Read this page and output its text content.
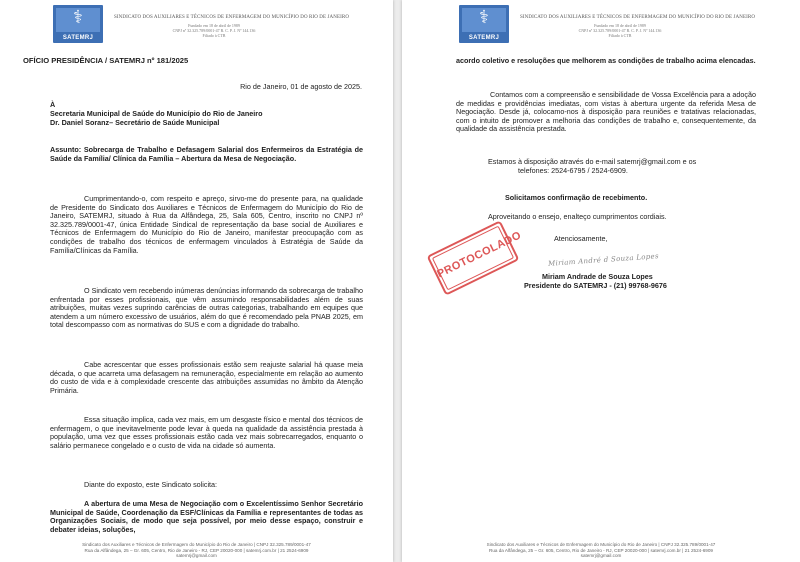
⚕
SATEMRJ
SINDICATO DOS AUXILIARES E TÉCNICOS DE ENFERMAGEM DO MUNICÍPIO DO RIO DE JANEIRO
Fundado em 18 de abril de 1989
CNPJ nº 32.325.789/0001-47 R. C. P. J. Nº 144.136
Filiado à CTB

OFÍCIO PRESIDÊNCIA / SATEMRJ nº 181/2025

Rio de Janeiro, 01 de agosto de 2025.

À

Secretaria Municipal de Saúde do Município do Rio de Janeiro

Dr. Daniel Soranz– Secretário de Saúde Municipal

Assunto: Sobrecarga de Trabalho e Defasagem Salarial dos Enfermeiros da Estratégia de Saúde da Família/ Clínica da Família – Abertura da Mesa de Negociação.

Cumprimentando-o, com respeito e apreço, sirvo-me do presente para, na qualidade de Presidente do Sindicato dos Auxiliares e Técnicos de Enfermagem do Município do Rio de Janeiro, SATEMRJ, situado à Rua da Alfândega, 25, Sala 605, Centro, inscrito no CNPJ nº 32.325.789/0001-47, única Entidade Sindical de representação da base social de Auxiliares e Técnicos de Enfermagem do Município do Rio de Janeiro, manifestar preocupação com as condições de trabalho dos técnicos de enfermagem vinculados à Estratégia de Saúde da Família/Clínicas da Família.

O Sindicato vem recebendo inúmeras denúncias informando da sobrecarga de trabalho enfrentada por esses profissionais, que vêm assumindo responsabilidades além de suas atribuições, muitas vezes suprindo carências de outras categorias, trabalhando em equipes que atendem a um número excessivo de usuários, além do que é recomendado pela PNAB 2025, em total descompasso com as normativas do SUS e com a dignidade do trabalho.

Cabe acrescentar que esses profissionais estão sem reajuste salarial há quase meia década, o que acarreta uma defasagem na remuneração, especialmente em relação ao aumento do custo de vida e à complexidade crescente das atribuições assumidas no âmbito da Atenção Primária.

Essa situação implica, cada vez mais, em um desgaste físico e mental dos técnicos de enfermagem, o que inevitavelmente pode levar à queda na qualidade da assistência prestada à população, uma vez que esses profissionais estão cada vez mais sobrecarregados, enquanto o salário permanece congelado e o custo de vida na cidade só aumenta.

Diante do exposto, este Sindicato solicita:

A abertura de uma Mesa de Negociação com o Excelentíssimo Senhor Secretário Municipal de Saúde, Coordenação da ESF/Clínicas da Família e representantes de todas as Organizações Sociais, de modo que seja possível, por meio desse espaço, construir e debater ideias, soluções,

Sindicato dos Auxiliares e Técnicos de Enfermagem do Município do Rio de Janeiro | CNPJ 32.325.789/0001-47
Rua da Alfândega, 25 – Gr. 605, Centro, Rio de Janeiro - RJ, CEP 20020-000 | satemrj.com.br | 21 2524-6909
satemrj@gmail.com
⚕
SATEMRJ
SINDICATO DOS AUXILIARES E TÉCNICOS DE ENFERMAGEM DO MUNICÍPIO DO RIO DE JANEIRO
Fundado em 18 de abril de 1989
CNPJ nº 32.325.789/0001-47 R. C. P. J. Nº 144.136
Filiado à CTB

acordo coletivo e resoluções que melhorem as condições de trabalho acima elencadas.

Contamos com a compreensão e sensibilidade de Vossa Excelência para a adoção de medidas e providências imediatas, com vistas à abertura urgente da referida Mesa de Negociação. Desde já, colocamo-nos à disposição para reuniões e tratativas relacionadas, com o intuito de promover a melhoria das condições de trabalho e, consequentemente, da qualidade da assistência prestada.

Estamos à disposição através do e-mail satemrj@gmail.com e os

telefones: 2524-6795 / 2524-6909.

Solicitamos confirmação de recebimento.

Aproveitando o ensejo, enalteço cumprimentos cordiais.

Atenciosamente,

Miriam Andrade de Souza Lopes

Presidente do SATEMRJ - (21) 99768-9676

Sindicato dos Auxiliares e Técnicos de Enfermagem do Município do Rio de Janeiro | CNPJ 32.325.789/0001-47
Rua da Alfândega, 25 – Gr. 605, Centro, Rio de Janeiro - RJ, CEP 20020-000 | satemrj.com.br | 21 2524-6909
satemrj@gmail.com
PROTOCOLADO	Miriam André d Souza Lopes
